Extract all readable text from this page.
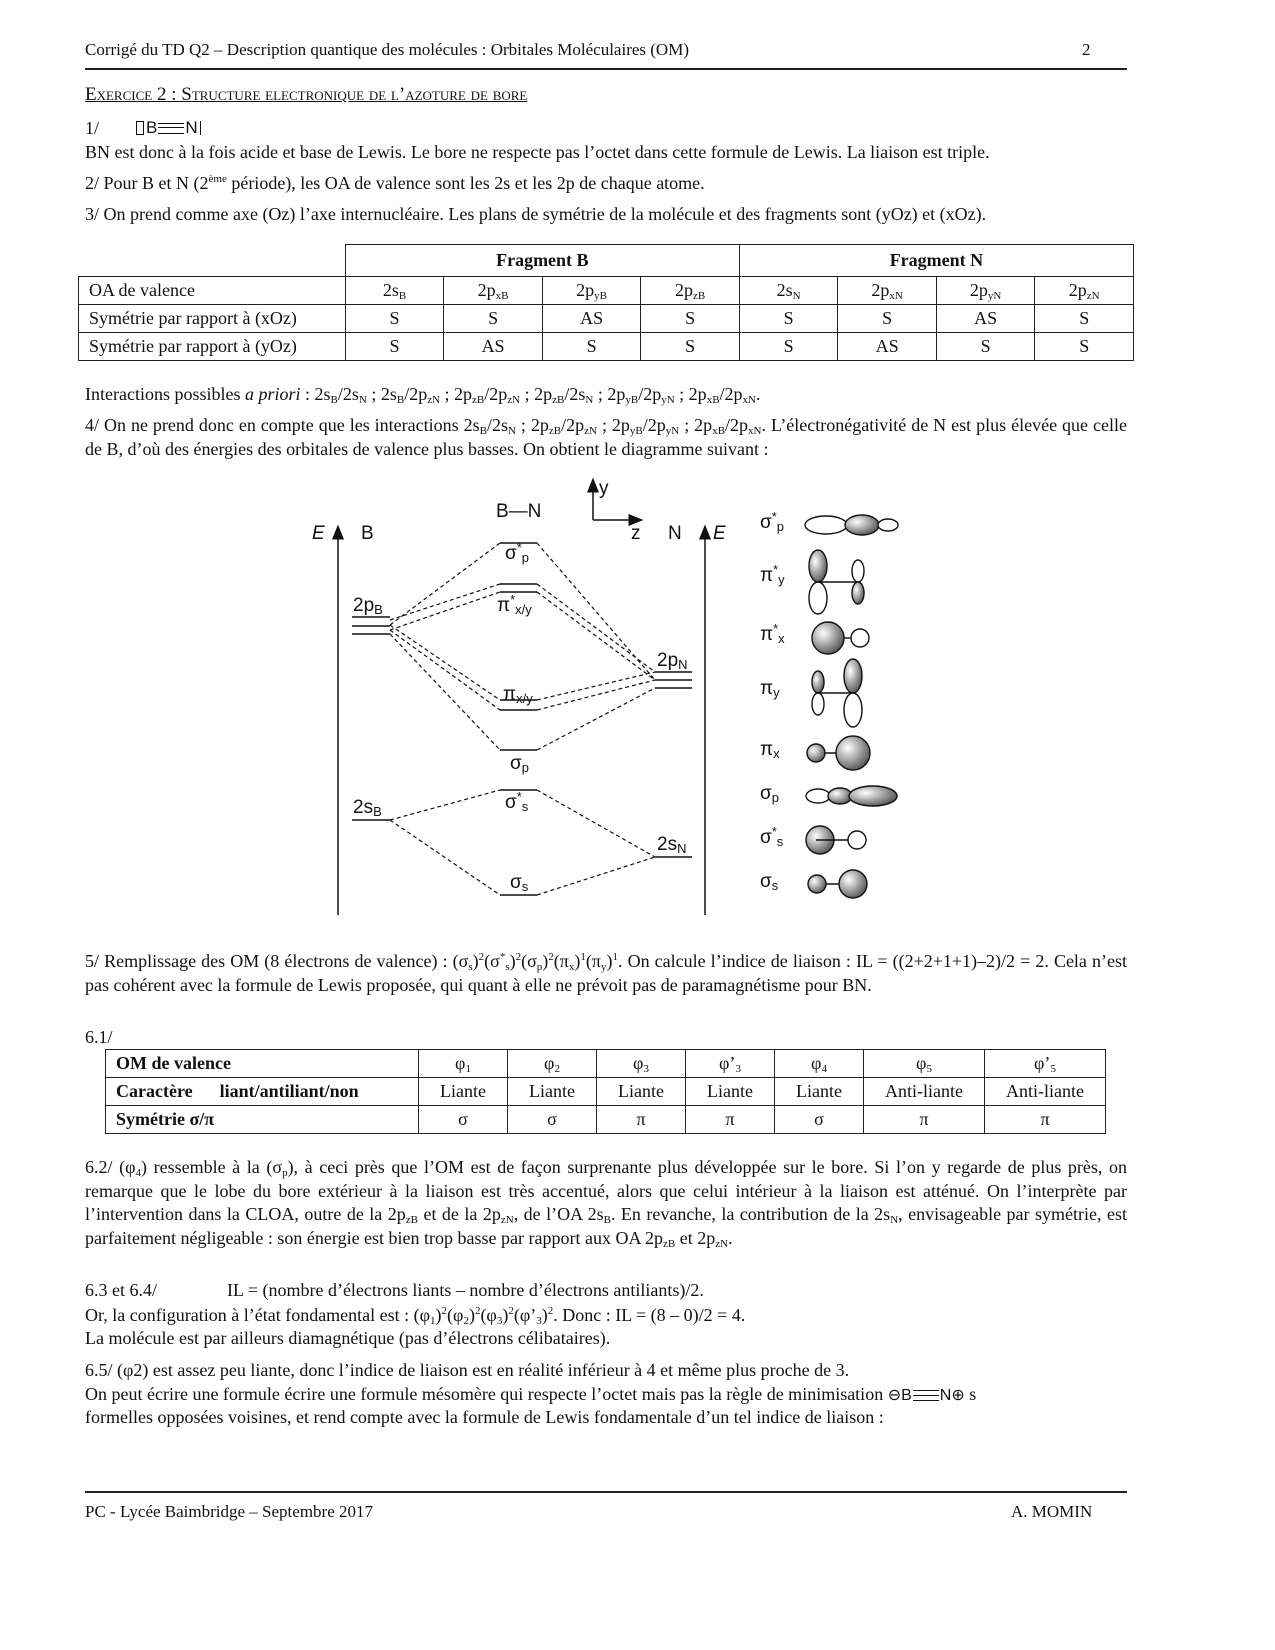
Corrigé du TD Q2 – Description quantique des molécules : Orbitales Moléculaires (OM)	2
Exercice 2 : Structure electronique de l’azoture de bore
1/	B N
BN est donc à la fois acide et base de Lewis. Le bore ne respecte pas l’octet dans cette formule de Lewis. La liaison est triple.
2/ Pour B et N (2ème période), les OA de valence sont les 2s et les 2p de chaque atome.
3/ On prend comme axe (Oz) l’axe internucléaire. Les plans de symétrie de la molécule et des fragments sont (yOz) et (xOz).
	Fragment B				Fragment N			
OA de valence	$2s_B$	$2p_{xB}$	$2p_{yB}$	$2p_{zB}$	$2s_N$	$2p_{xN}$	$2p_{yN}$	$2p_{zN}$
Symétrie par rapport à (xOz)	S	S	AS	S	S	S	AS	S
Symétrie par rapport à (yOz)	S	AS	S	S	S	AS	S	S
Interactions possibles a priori : $2s_B/2s_N$ ; $2s_B/2p_{zN}$ ; $2p_{zB}/2p_{zN}$ ; $2p_{zB}/2s_N$ ; $2p_{yB}/2p_{yN}$ ; $2p_{xB}/2p_{xN}$.
4/ On ne prend donc en compte que les interactions $2s_B/2s_N$ ; $2p_{zB}/2p_{zN}$ ; $2p_{yB}/2p_{yN}$ ; $2p_{xB}/2p_{xN}$. L’électronégativité de N est plus élevée que celle de B, d’où des énergies des orbitales de valence plus basses. On obtient le diagramme suivant :
E B
B—N
y
z N E
$2p_B$
$2s_B$
$2p_N$
$2s_N$
$\sigma^*_p$
$\pi^*_{x/y}$
$\pi_{x/y}$
$\sigma_p$
$\sigma^*_s$
$\sigma_s$
$\sigma^*_p$
$\pi^*_y$
$\pi^*_x$
$\pi_y$
$\pi_x$
$\sigma_p$
$\sigma^*_s$
$\sigma_s$
5/ Remplissage des OM (8 électrons de valence) : $(\sigma_s)^2(\sigma^*_s)^2(\sigma_p)^2(\pi_x)^1(\pi_y)^1$. On calcule l’indice de liaison : IL = ((2+2+1+1)–2)/2 = 2. Cela n’est pas cohérent avec la formule de Lewis proposée, qui quant à elle ne prévoit pas de paramagnétisme pour BN.
6.1/
OM de valence	$\varphi_1$	$\varphi_2$	$\varphi_3$	$\varphi’_3$	$\varphi_4$	$\varphi_5$	$\varphi’_5$
Caractère      liant/antiliant/non	Liante	Liante	Liante	Liante	Liante	Anti-liante	Anti-liante
Symétrie σ/π	σ	σ	π	π	σ	π	π
6.2/ $(\varphi_4)$ ressemble à la $(\sigma_p)$, à ceci près que l’OM est de façon surprenante plus développée sur le bore. Si l’on y regarde de plus près, on remarque que le lobe du bore extérieur à la liaison est très accentué, alors que celui intérieur à la liaison est atténué. On l’interprète par l’intervention dans la CLOA, outre de la $2p_{zB}$ et de la $2p_{zN}$, de l’OA $2s_B$. En revanche, la contribution de la $2s_N$, envisageable par symétrie, est parfaitement négligeable : son énergie est bien trop basse par rapport aux OA $2p_{zB}$ et $2p_{zN}$.
6.3 et 6.4/	IL = (nombre d’électrons liants – nombre d’électrons antiliants)/2.
Or, la configuration à l’état fondamental est : $(\varphi_1)^2(\varphi_2)^2(\varphi_3)^2(\varphi’_3)^2$. Donc : IL = (8 – 0)/2 = 4.
La molécule est par ailleurs diamagnétique (pas d’électrons célibataires).
6.5/ (φ2) est assez peu liante, donc l’indice de liaison est en réalité inférieur à 4 et même plus proche de 3.
On peut écrire une formule écrire une formule mésomère qui respecte l’octet mais pas la règle de minimisation ⊖ B N ⊕ s
formelles opposées voisines, et rend compte avec la formule de Lewis fondamentale d’un tel indice de liaison :
PC - Lycée Baimbridge – Septembre 2017	A. MOMIN
